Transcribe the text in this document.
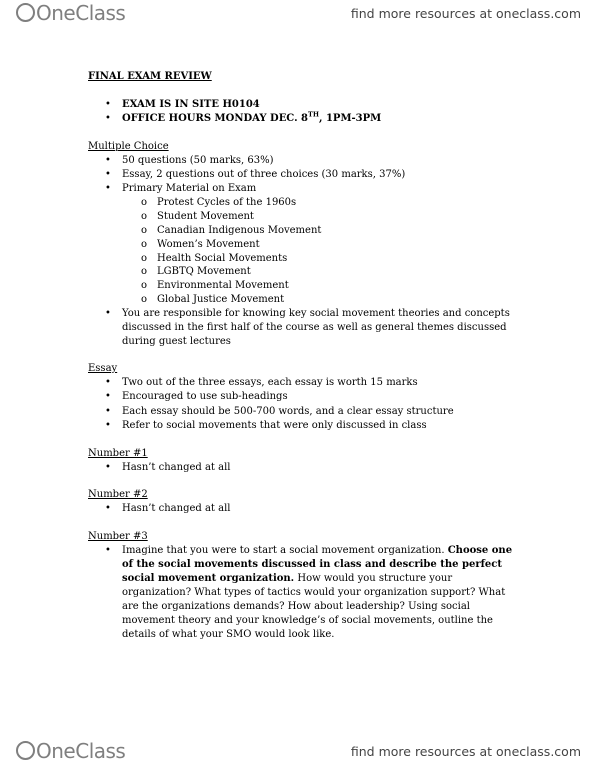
OneClass	find more resources at oneclass.com
FINAL EXAM REVIEW
• EXAM IS IN SITE H0104
• OFFICE HOURS MONDAY DEC. 8TH, 1PM-3PM
Multiple Choice
• 50 questions (50 marks, 63%)
• Essay, 2 questions out of three choices (30 marks, 37%)
• Primary Material on Exam
o Protest Cycles of the 1960s
o Student Movement
o Canadian Indigenous Movement
o Women’s Movement
o Health Social Movements
o LGBTQ Movement
o Environmental Movement
o Global Justice Movement
• You are responsible for knowing key social movement theories and concepts
discussed in the first half of the course as well as general themes discussed
during guest lectures
Essay
• Two out of the three essays, each essay is worth 15 marks
• Encouraged to use sub-headings
• Each essay should be 500-700 words, and a clear essay structure
• Refer to social movements that were only discussed in class
Number #1
• Hasn’t changed at all
Number #2
• Hasn’t changed at all
Number #3
• Imagine that you were to start a social movement organization. Choose one
of the social movements discussed in class and describe the perfect
social movement organization. How would you structure your
organization? What types of tactics would your organization support? What
are the organizations demands? How about leadership? Using social
movement theory and your knowledge’s of social movements, outline the
details of what your SMO would look like.
OneClass	find more resources at oneclass.com
